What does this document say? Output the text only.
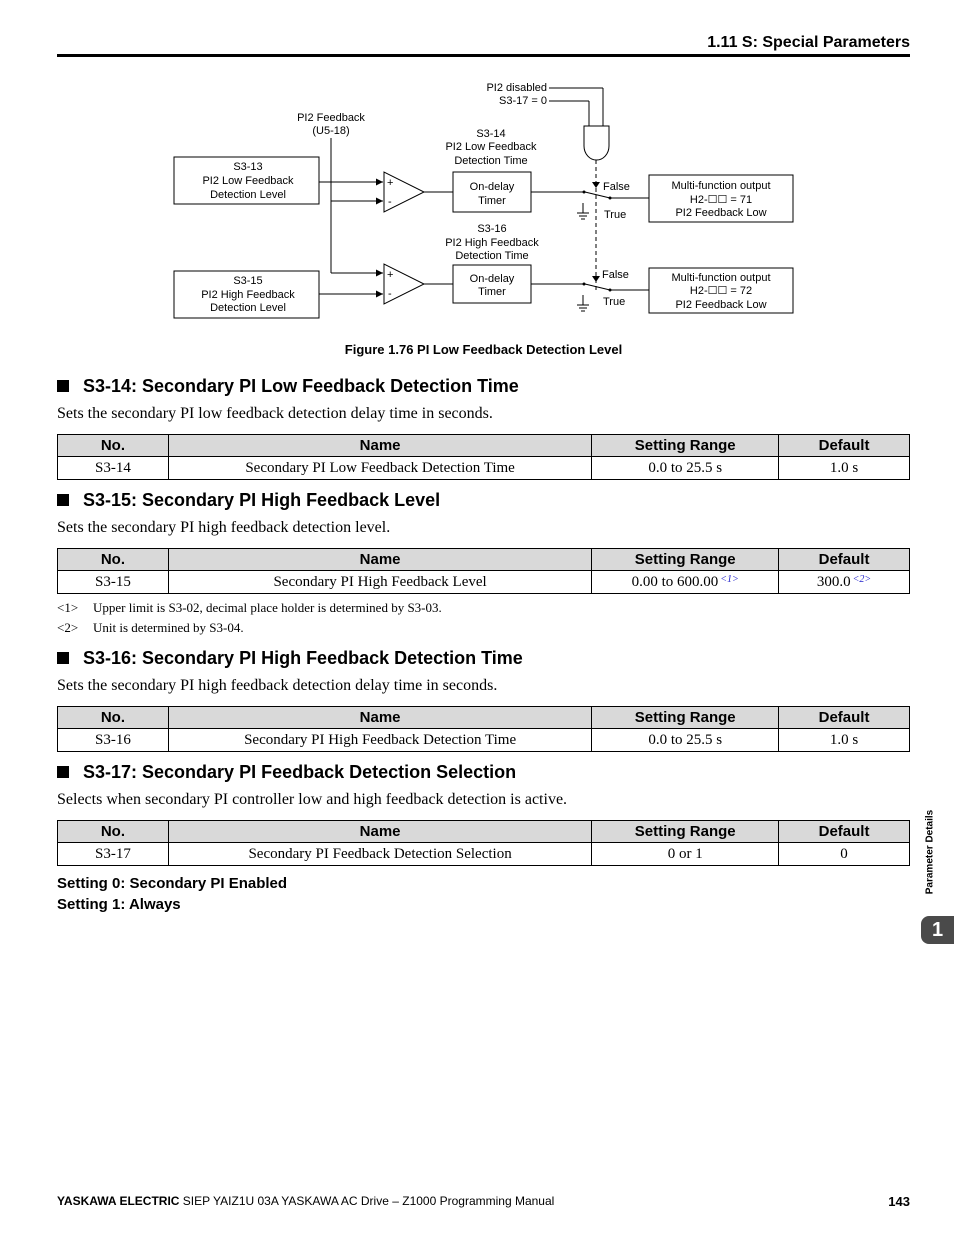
1.11 S: Special Parameters
PI2 disabled
S3-17 = 0
PI2 Feedback
(U5-18)
S3-13
PI2 Low Feedback
Detection Level
+
-
S3-14
PI2 Low Feedback
Detection Time
On-delay
Timer
False
True
Multi-function output
H2-☐☐ = 71
PI2 Feedback Low
S3-15
PI2 High Feedback
Detection Level
+
-
S3-16
PI2 High Feedback
Detection Time
On-delay
Timer
False
True
Multi-function output
H2-☐☐ = 72
PI2 Feedback Low
Figure 1.76 PI Low Feedback Detection Level
S3-14: Secondary PI Low Feedback Detection Time
Sets the secondary PI low feedback detection delay time in seconds.
No.	Name	Setting Range	Default
S3-14	Secondary PI Low Feedback Detection Time	0.0 to 25.5 s	1.0 s
S3-15: Secondary PI High Feedback Level
Sets the secondary PI high feedback detection level.
No.	Name	Setting Range	Default
S3-15	Secondary PI High Feedback Level	0.00 to 600.00 $^{<1>}$	300.0 $^{<2>}$
<1> Upper limit is S3-02, decimal place holder is determined by S3-03.
<2> Unit is determined by S3-04.
S3-16: Secondary PI High Feedback Detection Time
Sets the secondary PI high feedback detection delay time in seconds.
No.	Name	Setting Range	Default
S3-16	Secondary PI High Feedback Detection Time	0.0 to 25.5 s	1.0 s
S3-17: Secondary PI Feedback Detection Selection
Selects when secondary PI controller low and high feedback detection is active.
No.	Name	Setting Range	Default
S3-17	Secondary PI Feedback Detection Selection	0 or 1	0
Setting 0: Secondary PI Enabled
Setting 1: Always
Parameter Details
1
YASKAWA ELECTRIC SIEP YAIZ1U 03A YASKAWA AC Drive – Z1000 Programming Manual	143
